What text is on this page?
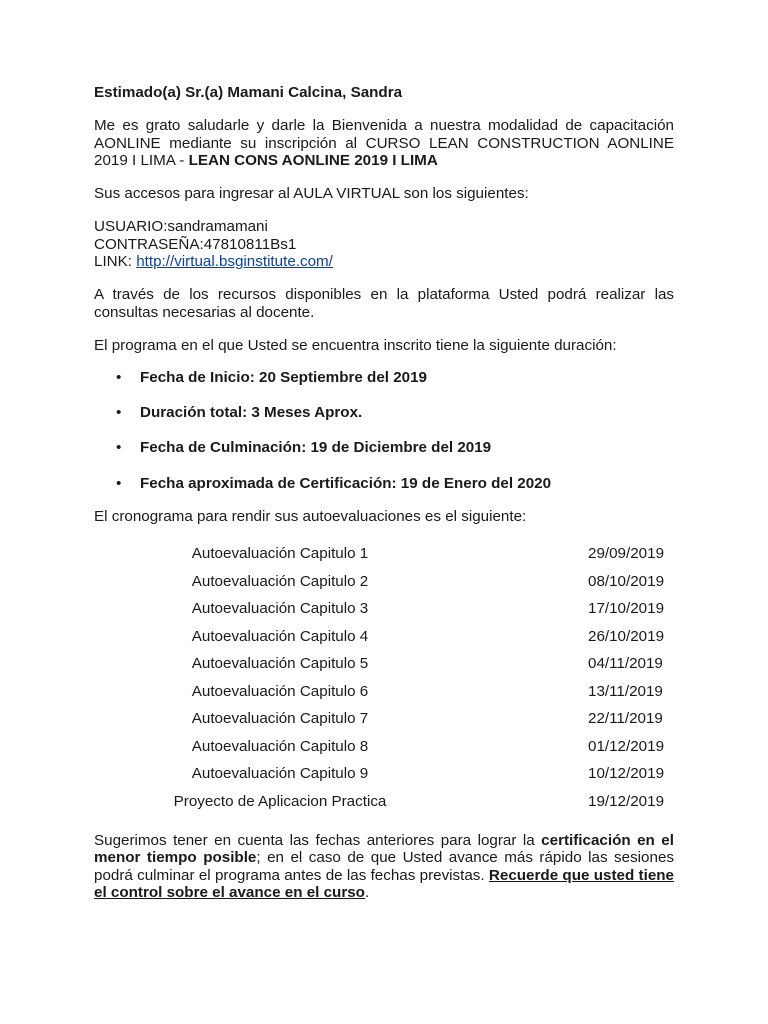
Estimado(a) Sr.(a) Mamani Calcina, Sandra

Me es grato saludarle y darle la Bienvenida a nuestra modalidad de capacitación AONLINE mediante su inscripción al CURSO LEAN CONSTRUCTION AONLINE 2019 I LIMA - LEAN CONS AONLINE 2019 I LIMA

Sus accesos para ingresar al AULA VIRTUAL son los siguientes:

USUARIO:sandramamani

CONTRASEÑA:47810811Bs1

LINK: http://virtual.bsginstitute.com/

A través de los recursos disponibles en la plataforma Usted podrá realizar las consultas necesarias al docente.

El programa en el que Usted se encuentra inscrito tiene la siguiente duración:

• Fecha de Inicio: 20 Septiembre del 2019
• Duración total: 3 Meses Aprox.
• Fecha de Culminación: 19 de Diciembre del 2019
• Fecha aproximada de Certificación: 19 de Enero del 2020

El cronograma para rendir sus autoevaluaciones es el siguiente:

Autoevaluación Capitulo 1	29/09/2019
Autoevaluación Capitulo 2	08/10/2019
Autoevaluación Capitulo 3	17/10/2019
Autoevaluación Capitulo 4	26/10/2019
Autoevaluación Capitulo 5	04/11/2019
Autoevaluación Capitulo 6	13/11/2019
Autoevaluación Capitulo 7	22/11/2019
Autoevaluación Capitulo 8	01/12/2019
Autoevaluación Capitulo 9	10/12/2019
Proyecto de Aplicacion Practica	19/12/2019

Sugerimos tener en cuenta las fechas anteriores para lograr la certificación en el menor tiempo posible; en el caso de que Usted avance más rápido las sesiones podrá culminar el programa antes de las fechas previstas. Recuerde que usted tiene el control sobre el avance en el curso.
